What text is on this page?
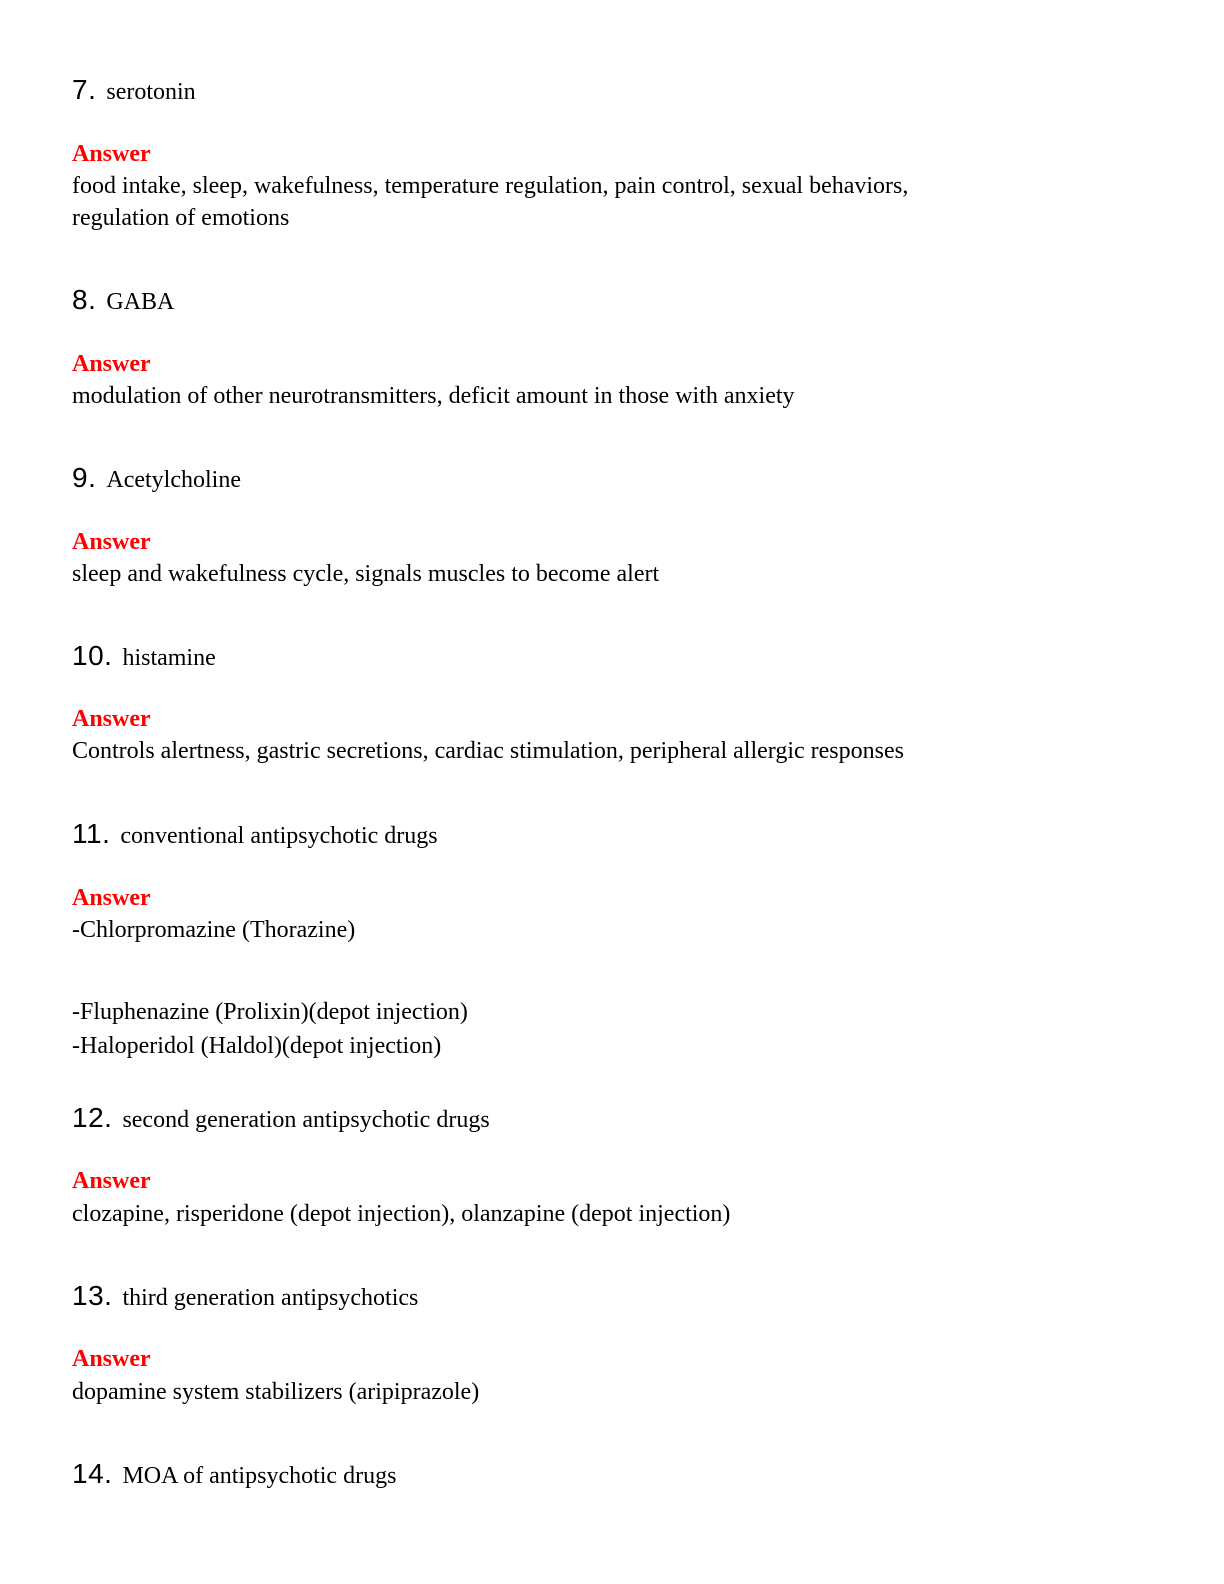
7. serotonin
Answer
food intake, sleep, wakefulness, temperature regulation, pain control, sexual behaviors,
regulation of emotions
8. GABA
Answer
modulation of other neurotransmitters, deficit amount in those with anxiety
9. Acetylcholine
Answer
sleep and wakefulness cycle, signals muscles to become alert
10. histamine
Answer
Controls alertness, gastric secretions, cardiac stimulation, peripheral allergic responses
11. conventional antipsychotic drugs
Answer
-Chlorpromazine (Thorazine)
-Fluphenazine (Prolixin)(depot injection)
-Haloperidol (Haldol)(depot injection)
12. second generation antipsychotic drugs
Answer
clozapine, risperidone (depot injection), olanzapine (depot injection)
13. third generation antipsychotics
Answer
dopamine system stabilizers (aripiprazole)
14. MOA of antipsychotic drugs
